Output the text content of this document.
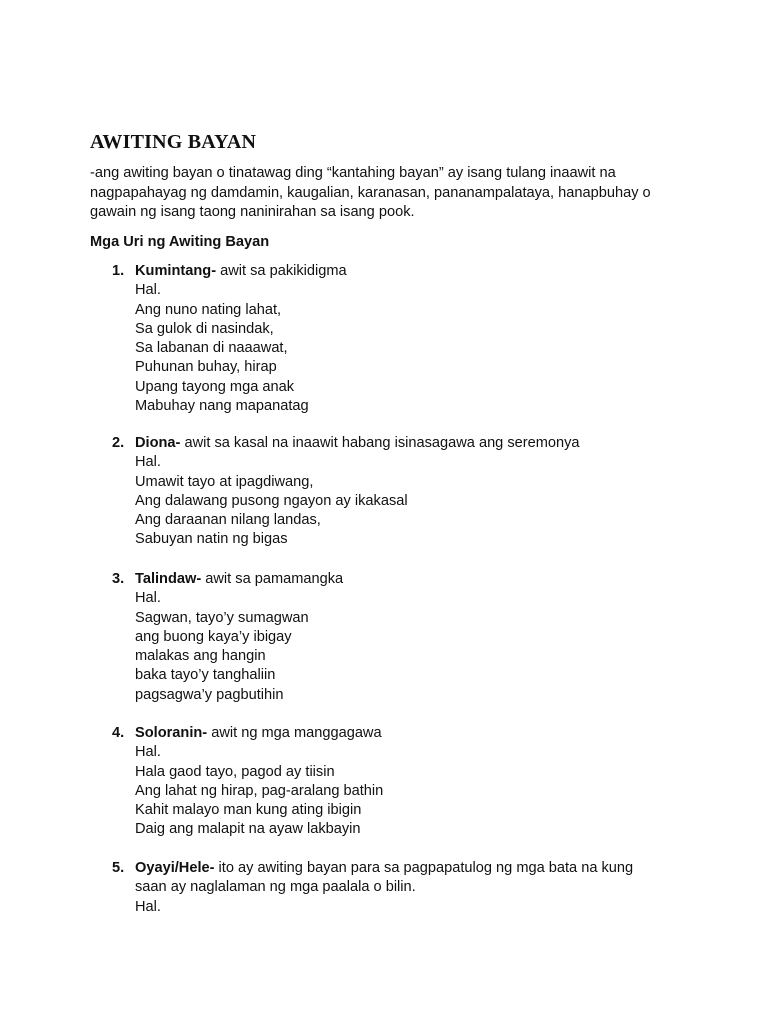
AWITING BAYAN

-ang awiting bayan o tinatawag ding “kantahing bayan” ay isang tulang inaawit na nagpapahayag ng damdamin, kaugalian, karanasan, pananampalataya, hanapbuhay o gawain ng isang taong naninirahan sa isang pook.

Mga Uri ng Awiting Bayan
1. Kumintang- awit sa pakikidigma
Hal.
Ang nuno nating lahat,
Sa gulok di nasindak,
Sa labanan di naaawat,
Puhunan buhay, hirap
Upang tayong mga anak
Mabuhay nang mapanatag
2. Diona- awit sa kasal na inaawit habang isinasagawa ang seremonya
Hal.
Umawit tayo at ipagdiwang,
Ang dalawang pusong ngayon ay ikakasal
Ang daraanan nilang landas,
Sabuyan natin ng bigas
3. Talindaw- awit sa pamamangka
Hal.
Sagwan, tayo’y sumagwan
ang buong kaya’y ibigay
malakas ang hangin
baka tayo’y tanghaliin
pagsagwa’y pagbutihin
4. Soloranin- awit ng mga manggagawa
Hal.
Hala gaod tayo, pagod ay tiisin
Ang lahat ng hirap, pag-aralang bathin
Kahit malayo man kung ating ibigin
Daig ang malapit na ayaw lakbayin
5. Oyayi/Hele- ito ay awiting bayan para sa pagpapatulog ng mga bata na kung
saan ay naglalaman ng mga paalala o bilin.
Hal.
